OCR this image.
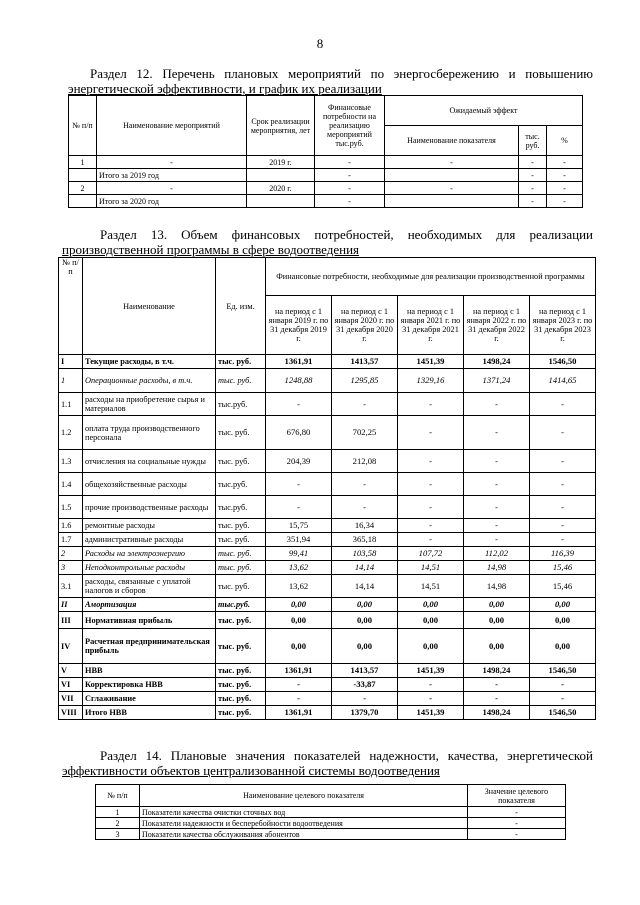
8
Раздел 12. Перечень плановых мероприятий по энергосбережению и повышению
энергетической эффективности, и график их реализации
№ п/п	Наименование мероприятий	Срок реализации мероприятия, лет	Финансовые потребности на реализацию мероприятий тыс.руб.	Ожидаемый эффект		
				Наименование показателя	тыс. руб.	%
1	-	2019 г.	-	-	-	-
	Итого за 2019 год		-		-	-
2	-	2020 г.	-	-	-	-
	Итого за 2020 год		-		-	-
Раздел 13. Объем финансовых потребностей, необходимых для реализации
производственной программы в сфере водоотведения
№ п/п	Наименование	Ед. изм.	Финансовые потребности, необходимые для реализации производственной программы				
			на период с 1 января 2019 г. по 31 декабря 2019 г.	на период с 1 января 2020 г. по 31 декабря 2020 г.	на период с 1 января 2021 г. по 31 декабря 2021 г.	на период с 1 января 2022 г. по 31 декабря 2022 г.	на период с 1 января 2023 г. по 31 декабря 2023 г.
I	Текущие расходы, в т.ч.	тыс. руб.	1361,91	1413,57	1451,39	1498,24	1546,50
1	Операционные расходы, в т.ч.	тыс. руб.	1248,88	1295,85	1329,16	1371,24	1414,65
1.1	расходы на приобретение сырья и материалов	тыс.руб.	-	-	-	-	-
1.2	оплата труда производственного персонала	тыс. руб.	676,80	702,25	-	-	-
1.3	отчисления на социальные нужды	тыс. руб.	204,39	212,08	-	-	-
1.4	общехозяйственные расходы	тыс.руб.	-	-	-	-	-
1.5	прочие производственные расходы	тыс.руб.	-	-	-	-	-
1.6	ремонтные расходы	тыс. руб.	15,75	16,34	-	-	-
1.7	административные расходы	тыс. руб.	351,94	365,18	-	-	-
2	Расходы на электроэнергию	тыс. руб.	99,41	103,58	107,72	112,02	116,39
3	Неподконтрольные расходы	тыс. руб.	13,62	14,14	14,51	14,98	15,46
3.1	расходы, связанные с уплатой налогов и сборов	тыс. руб.	13,62	14,14	14,51	14,98	15,46
II	Амортизация	тыс.руб.	0,00	0,00	0,00	0,00	0,00
III	Нормативная прибыль	тыс. руб.	0,00	0,00	0,00	0,00	0,00
IV	Расчетная предпринимательская прибыль	тыс. руб.	0,00	0,00	0,00	0,00	0,00
V	НВВ	тыс. руб.	1361,91	1413,57	1451,39	1498,24	1546,50
VI	Корректировка НВВ	тыс. руб.	-	-33,87	-	-	-
VII	Сглаживание	тыс. руб.	-	-	-	-	-
VIII	Итого НВВ	тыс. руб.	1361,91	1379,70	1451,39	1498,24	1546,50
Раздел 14. Плановые значения показателей надежности, качества, энергетической
эффективности объектов централизованной системы водоотведения
№ п/п	Наименование целевого показателя	Значение целевого показателя
1	Показатели качества очистки сточных вод	-
2	Показатели надежности и бесперебойности водоотведения	-
3	Показатели качества обслуживания абонентов	-
